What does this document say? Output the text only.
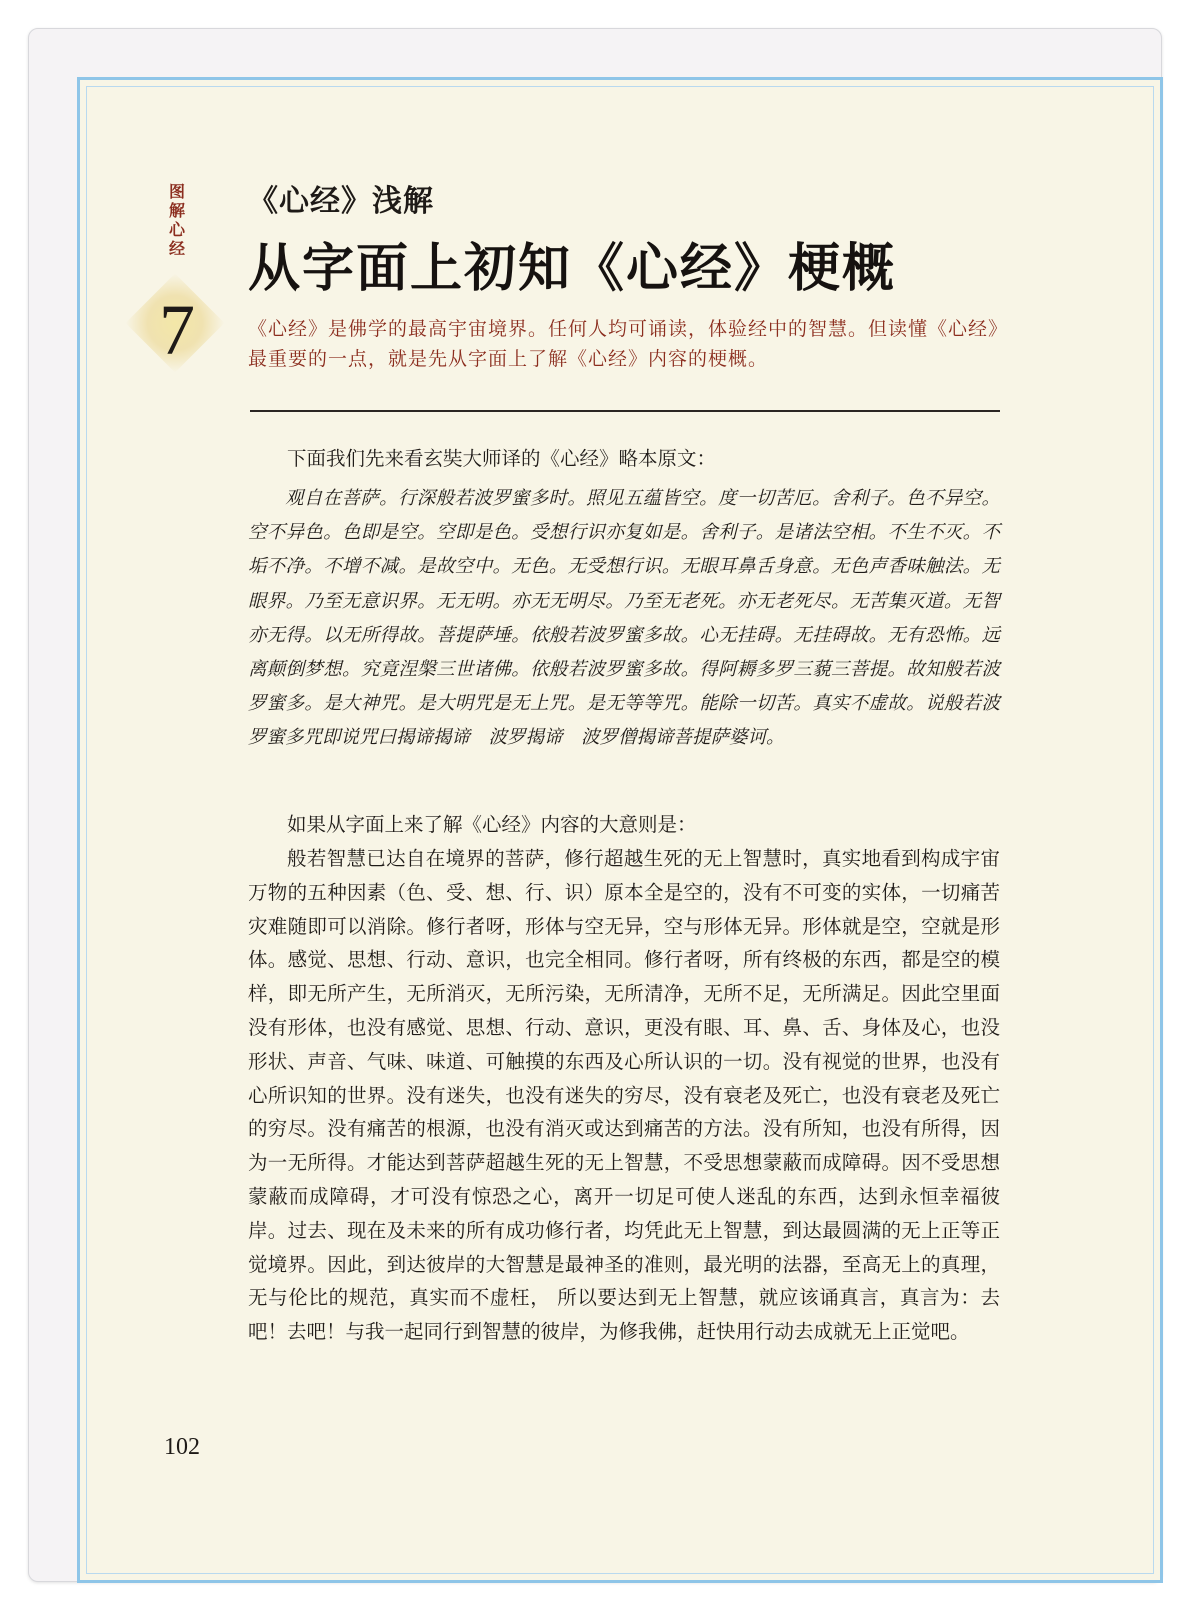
图解心经
7
《心经》浅解
从字面上初知《心经》梗概
《心经》是佛学的最高宇宙境界。任何人均可诵读，体验经中的智慧。但读懂《心经》最重要的一点，就是先从字面上了解《心经》内容的梗概。

下面我们先来看玄奘大师译的《心经》略本原文：

观自在菩萨。行深般若波罗蜜多时。照见五蕴皆空。度一切苦厄。舍利子。色不异空。空不异色。色即是空。空即是色。受想行识亦复如是。舍利子。是诸法空相。不生不灭。不垢不净。不增不减。是故空中。无色。无受想行识。无眼耳鼻舌身意。无色声香味触法。无眼界。乃至无意识界。无无明。亦无无明尽。乃至无老死。亦无老死尽。无苦集灭道。无智亦无得。以无所得故。菩提萨埵。依般若波罗蜜多故。心无挂碍。无挂碍故。无有恐怖。远离颠倒梦想。究竟涅槃三世诸佛。依般若波罗蜜多故。得阿耨多罗三藐三菩提。故知般若波罗蜜多。是大神咒。是大明咒是无上咒。是无等等咒。能除一切苦。真实不虚故。说般若波罗蜜多咒即说咒曰揭谛揭谛　波罗揭谛　波罗僧揭谛菩提萨婆诃。

如果从字面上来了解《心经》内容的大意则是：

般若智慧已达自在境界的菩萨，修行超越生死的无上智慧时，真实地看到构成宇宙万物的五种因素（色、受、想、行、识）原本全是空的，没有不可变的实体，一切痛苦灾难随即可以消除。修行者呀，形体与空无异，空与形体无异。形体就是空，空就是形体。感觉、思想、行动、意识，也完全相同。修行者呀，所有终极的东西，都是空的模样，即无所产生，无所消灭，无所污染，无所清净，无所不足，无所满足。因此空里面没有形体，也没有感觉、思想、行动、意识，更没有眼、耳、鼻、舌、身体及心，也没形状、声音、气味、味道、可触摸的东西及心所认识的一切。没有视觉的世界，也没有心所识知的世界。没有迷失，也没有迷失的穷尽，没有衰老及死亡，也没有衰老及死亡的穷尽。没有痛苦的根源，也没有消灭或达到痛苦的方法。没有所知，也没有所得，因为一无所得。才能达到菩萨超越生死的无上智慧，不受思想蒙蔽而成障碍。因不受思想蒙蔽而成障碍，才可没有惊恐之心，离开一切足可使人迷乱的东西，达到永恒幸福彼岸。过去、现在及未来的所有成功修行者，均凭此无上智慧，到达最圆满的无上正等正觉境界。因此，到达彼岸的大智慧是最神圣的准则，最光明的法器，至高无上的真理，无与伦比的规范，真实而不虚枉， 所以要达到无上智慧，就应该诵真言，真言为：去吧！去吧！与我一起同行到智慧的彼岸，为修我佛，赶快用行动去成就无上正觉吧。

102
